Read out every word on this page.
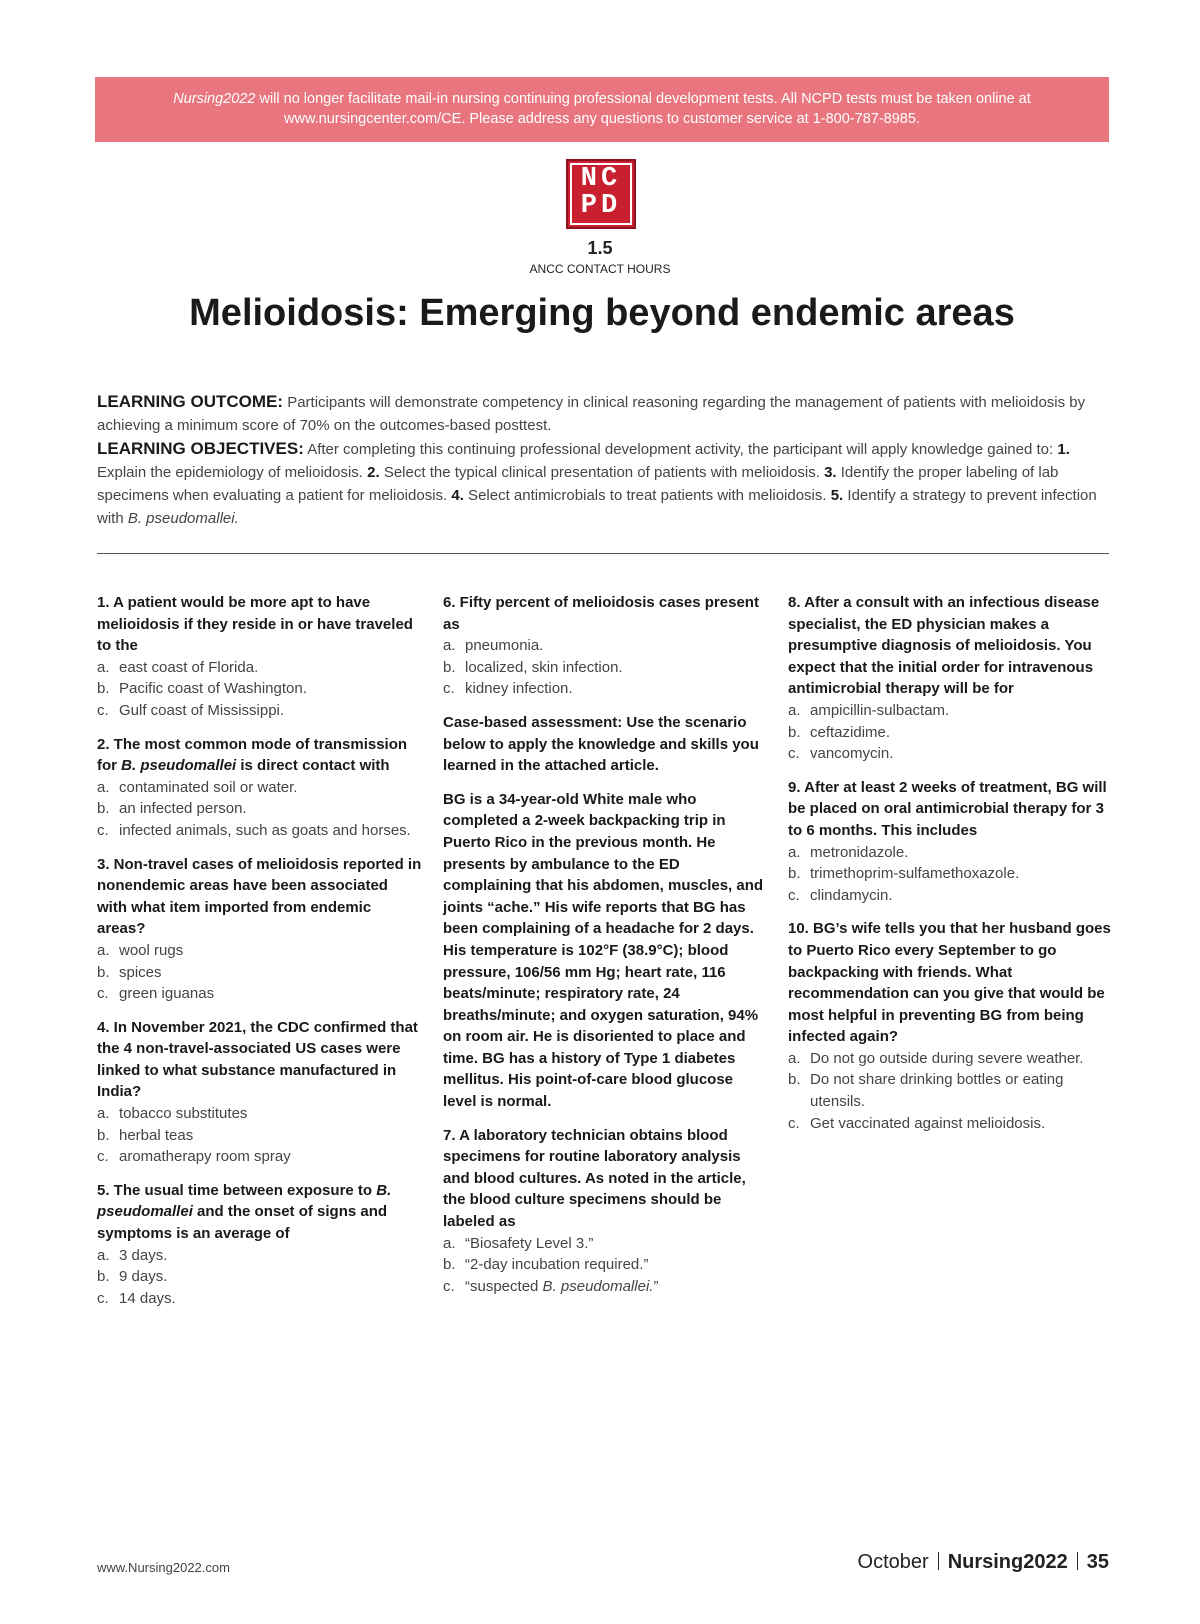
Nursing2022 will no longer facilitate mail-in nursing continuing professional development tests. All NCPD tests must be taken online at www.nursingcenter.com/CE. Please address any questions to customer service at 1-800-787-8985.
NC
PD
1.5
ANCC CONTACT HOURS
Melioidosis: Emerging beyond endemic areas
LEARNING OUTCOME: Participants will demonstrate competency in clinical reasoning regarding the management of patients with melioidosis by achieving a minimum score of 70% on the outcomes-based posttest.
LEARNING OBJECTIVES: After completing this continuing professional development activity, the participant will apply knowledge gained to: 1. Explain the epidemiology of melioidosis. 2. Select the typical clinical presentation of patients with melioidosis. 3. Identify the proper labeling of lab specimens when evaluating a patient for melioidosis. 4. Select antimicrobials to treat patients with melioidosis. 5. Identify a strategy to prevent infection with B. pseudomallei.
1. A patient would be more apt to have melioidosis if they reside in or have traveled to the
a. east coast of Florida.
b. Pacific coast of Washington.
c. Gulf coast of Mississippi.
2. The most common mode of transmission for B. pseudomallei is direct contact with
a. contaminated soil or water.
b. an infected person.
c. infected animals, such as goats and horses.
3. Non-travel cases of melioidosis reported in nonendemic areas have been associated with what item imported from endemic areas?
a. wool rugs
b. spices
c. green iguanas
4. In November 2021, the CDC confirmed that the 4 non-travel-associated US cases were linked to what substance manufactured in India?
a. tobacco substitutes
b. herbal teas
c. aromatherapy room spray
5. The usual time between exposure to B. pseudomallei and the onset of signs and symptoms is an average of
a. 3 days.
b. 9 days.
c. 14 days.
6. Fifty percent of melioidosis cases present as
a. pneumonia.
b. localized, skin infection.
c. kidney infection.
Case-based assessment: Use the scenario below to apply the knowledge and skills you learned in the attached article.
BG is a 34-year-old White male who completed a 2-week backpacking trip in Puerto Rico in the previous month. He presents by ambulance to the ED complaining that his abdomen, muscles, and joints “ache.” His wife reports that BG has been complaining of a headache for 2 days. His temperature is 102°F (38.9°C); blood pressure, 106/56 mm Hg; heart rate, 116 beats/minute; respiratory rate, 24 breaths/minute; and oxygen saturation, 94% on room air. He is disoriented to place and time. BG has a history of Type 1 diabetes mellitus. His point-of-care blood glucose level is normal.
7. A laboratory technician obtains blood specimens for routine laboratory analysis and blood cultures. As noted in the article, the blood culture specimens should be labeled as
a. “Biosafety Level 3.”
b. “2-day incubation required.”
c. “suspected B. pseudomallei.”
8. After a consult with an infectious disease specialist, the ED physician makes a presumptive diagnosis of melioidosis. You expect that the initial order for intravenous antimicrobial therapy will be for
a. ampicillin-sulbactam.
b. ceftazidime.
c. vancomycin.
9. After at least 2 weeks of treatment, BG will be placed on oral antimicrobial therapy for 3 to 6 months. This includes
a. metronidazole.
b. trimethoprim-sulfamethoxazole.
c. clindamycin.
10. BG’s wife tells you that her husband goes to Puerto Rico every September to go backpacking with friends. What recommendation can you give that would be most helpful in preventing BG from being infected again?
a. Do not go outside during severe weather.
b. Do not share drinking bottles or eating utensils.
c. Get vaccinated against melioidosis.
www.Nursing2022.com	October Nursing2022 35
